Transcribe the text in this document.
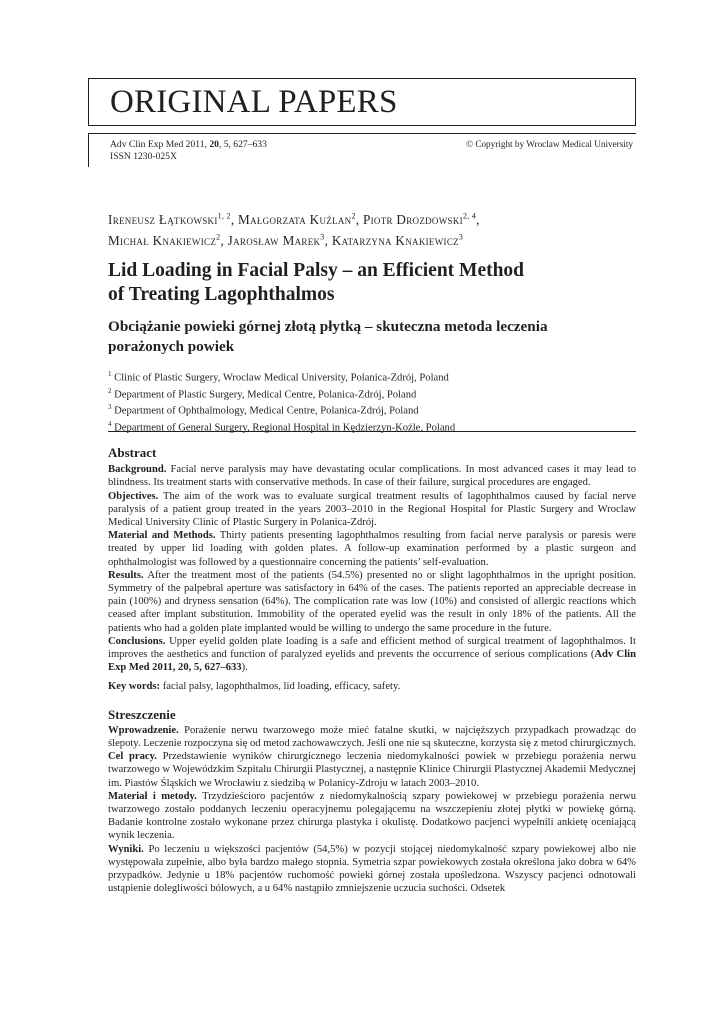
ORIGINAL PAPERS
Adv Clin Exp Med 2011, 20, 5, 627–633
ISSN 1230-025X
© Copyright by Wroclaw Medical University
Ireneusz Łątkowski$^{1, 2}$, Małgorzata Kuźlan$^2$, Piotr Drozdowski$^{2, 4}$,
Michał Knakiewicz$^2$, Jarosław Marek$^3$, Katarzyna Knakiewicz$^3$
Lid Loading in Facial Palsy – an Efficient Method
of Treating Lagophthalmos
Obciążanie powieki górnej złotą płytką – skuteczna metoda leczenia
porażonych powiek
$^1$ Clinic of Plastic Surgery, Wroclaw Medical University, Polanica-Zdrój, Poland
$^2$ Department of Plastic Surgery, Medical Centre, Polanica-Zdrój, Poland
$^3$ Department of Ophthalmology, Medical Centre, Polanica-Zdrój, Poland
$^4$ Department of General Surgery, Regional Hospital in Kędzierzyn-Koźle, Poland
Abstract

Background. Facial nerve paralysis may have devastating ocular complications. In most advanced cases it may lead to blindness. Its treatment starts with conservative methods. In case of their failure, surgical procedures are engaged.

Objectives. The aim of the work was to evaluate surgical treatment results of lagophthalmos caused by facial nerve paralysis of a patient group treated in the years 2003–2010 in the Regional Hospital for Plastic Surgery and Wroclaw Medical University Clinic of Plastic Surgery in Polanica-Zdrój.

Material and Methods. Thirty patients presenting lagophthalmos resulting from facial nerve paralysis or paresis were treated by upper lid loading with golden plates. A follow-up examination performed by a plastic surgeon and ophthalmologist was followed by a questionnaire concerning the patients’ self-evaluation.

Results. After the treatment most of the patients (54.5%) presented no or slight lagophthalmos in the upright position. Symmetry of the palpebral aperture was satisfactory in 64% of the cases. The patients reported an appreciable decrease in pain (100%) and dryness sensation (64%). The complication rate was low (10%) and consisted of allergic reactions which ceased after implant substitution. Immobility of the operated eyelid was the result in only 18% of the patients. All the patients who had a golden plate implanted would be willing to undergo the same procedure in the future.

Conclusions. Upper eyelid golden plate loading is a safe and efficient method of surgical treatment of lagophthalmos. It improves the aesthetics and function of paralyzed eyelids and prevents the occurrence of serious complications (Adv Clin Exp Med 2011, 20, 5, 627–633).

Key words: facial palsy, lagophthalmos, lid loading, efficacy, safety.

Streszczenie

Wprowadzenie. Porażenie nerwu twarzowego może mieć fatalne skutki, w najcięższych przypadkach prowadząc do ślepoty. Leczenie rozpoczyna się od metod zachowawczych. Jeśli one nie są skuteczne, korzysta się z metod chirurgicznych.

Cel pracy. Przedstawienie wyników chirurgicznego leczenia niedomykalności powiek w przebiegu porażenia nerwu twarzowego w Wojewódzkim Szpitalu Chirurgii Plastycznej, a następnie Klinice Chirurgii Plastycznej Akademii Medycznej im. Piastów Śląskich we Wrocławiu z siedzibą w Polanicy-Zdroju w latach 2003–2010.

Materiał i metody. Trzydzieścioro pacjentów z niedomykalnością szpary powiekowej w przebiegu porażenia nerwu twarzowego zostało poddanych leczeniu operacyjnemu polegającemu na wszczepieniu złotej płytki w powiekę górną. Badanie kontrolne zostało wykonane przez chirurga plastyka i okulistę. Dodatkowo pacjenci wypełnili ankietę oceniającą wynik leczenia.

Wyniki. Po leczeniu u większości pacjentów (54,5%) w pozycji stojącej niedomykalność szpary powiekowej albo nie występowała zupełnie, albo była bardzo małego stopnia. Symetria szpar powiekowych została określona jako dobra w 64% przypadków. Jedynie u 18% pacjentów ruchomość powieki górnej została upośledzona. Wszyscy pacjenci odnotowali ustąpienie dolegliwości bólowych, a u 64% nastąpiło zmniejszenie uczucia suchości. Odsetek
